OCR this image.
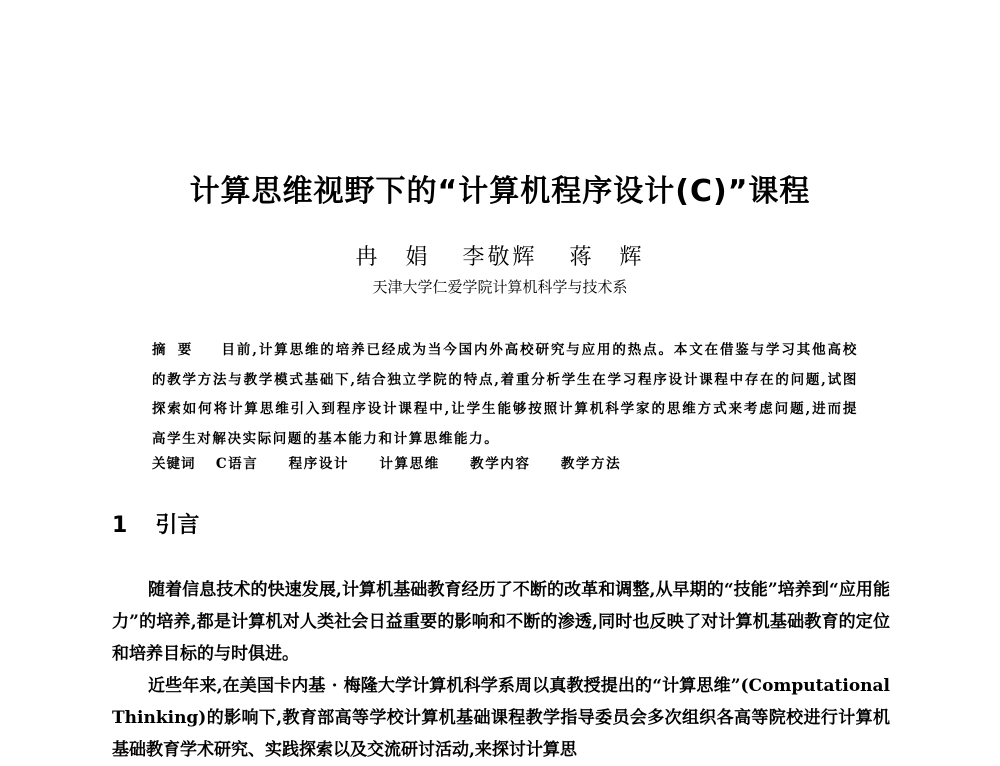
计算思维视野下的“计算机程序设计(C)”课程
冉　娟 李敬辉 蒋　辉
天津大学仁爱学院计算机科学与技术系
摘要 目前,计算思维的培养已经成为当今国内外高校研究与应用的热点。本文在借鉴与学习其他高校的教学方法与教学模式基础下,结合独立学院的特点,着重分析学生在学习程序设计课程中存在的问题,试图探索如何将计算思维引入到程序设计课程中,让学生能够按照计算机科学家的思维方式来考虑问题,进而提高学生对解决实际问题的基本能力和计算思维能力。
关键词 C语言 程序设计 计算思维 教学内容 教学方法
1 引言

随着信息技术的快速发展,计算机基础教育经历了不断的改革和调整,从早期的“技能”培养到“应用能力”的培养,都是计算机对人类社会日益重要的影响和不断的渗透,同时也反映了对计算机基础教育的定位和培养目标的与时俱进。

近些年来,在美国卡内基 · 梅隆大学计算机科学系周以真教授提出的“计算思维”(Computational Thinking)的影响下,教育部高等学校计算机基础课程教学指导委员会多次组织各高等院校进行计算机基础教育学术研究、实践探索以及交流研讨活动,来探讨计算思
